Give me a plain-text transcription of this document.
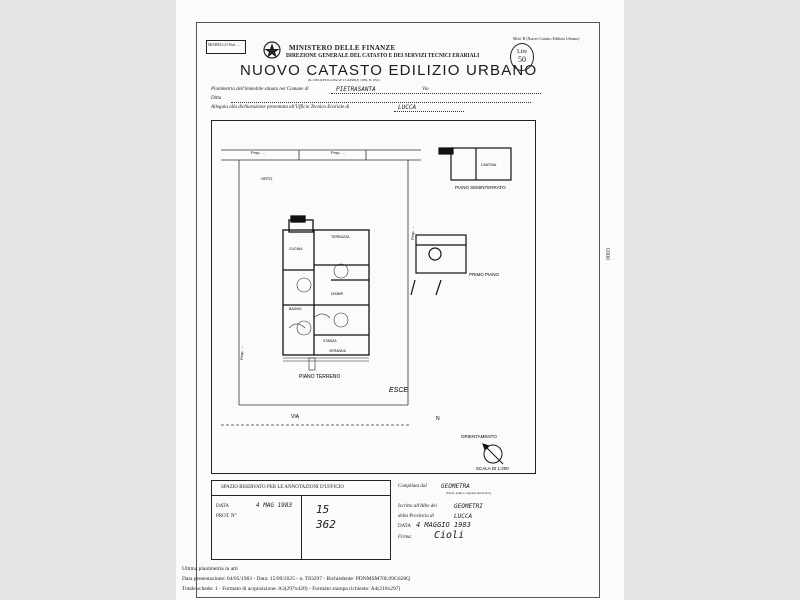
MODELLO Prot. ...	MINISTERO DELLE FINANZE
DIREZIONE GENERALE DEL CATASTO E DEI SERVIZI TECNICI ERARIALI
NUOVO CATASTO EDILIZIO URBANO
(R. DECRETO-LEGGE 13 APRILE 1939, N. 652)
Mod. B (Nuovo Catasto Edilizio Urbano)
Lire
50
Planimetria dell'immobile situato nel Comune di	PIETRASANTA	Via
Ditta
Allegata alla dichiarazione presentata all'Ufficio Tecnico Erariale di	LUCCA
Prop. ...	Prop. ...
ORTO
TERRAZZA
CUCINA
DISIMP.
BAGNO
STANZA
VERANDA
PIANO TERRENO
PIANO SEMINTERRATO
CANTINA
PRIMO PIANO
ESCE
VIA
ORIENTAMENTO
SCALA DI 1:200
N
Prop. ...
Prop. ...
SPAZIO RISERVATO PER LE ANNOTAZIONI D'UFFICIO
DATA
PROT. N°
4 MAG 1983 15
362
Compilata dal GEOMETRA
(Titolo, nome e cognome del tecnico)
Iscritto all'Albo dei	GEOMETRI
della Provincia di	LUCCA
DATA 4 MAGGIO 1983
Firma: Cioli
Ultima planimetria in atti
Data presentazione: 04/05/1983 - Data: 15/09/2025 - n. T83297 - Richiedente: PDNMSM70L09G628Q
Totale schede: 1 - Formato di acquisizione: A3(297x420) - Formato stampa richiesto: A4(210x297)
0003
